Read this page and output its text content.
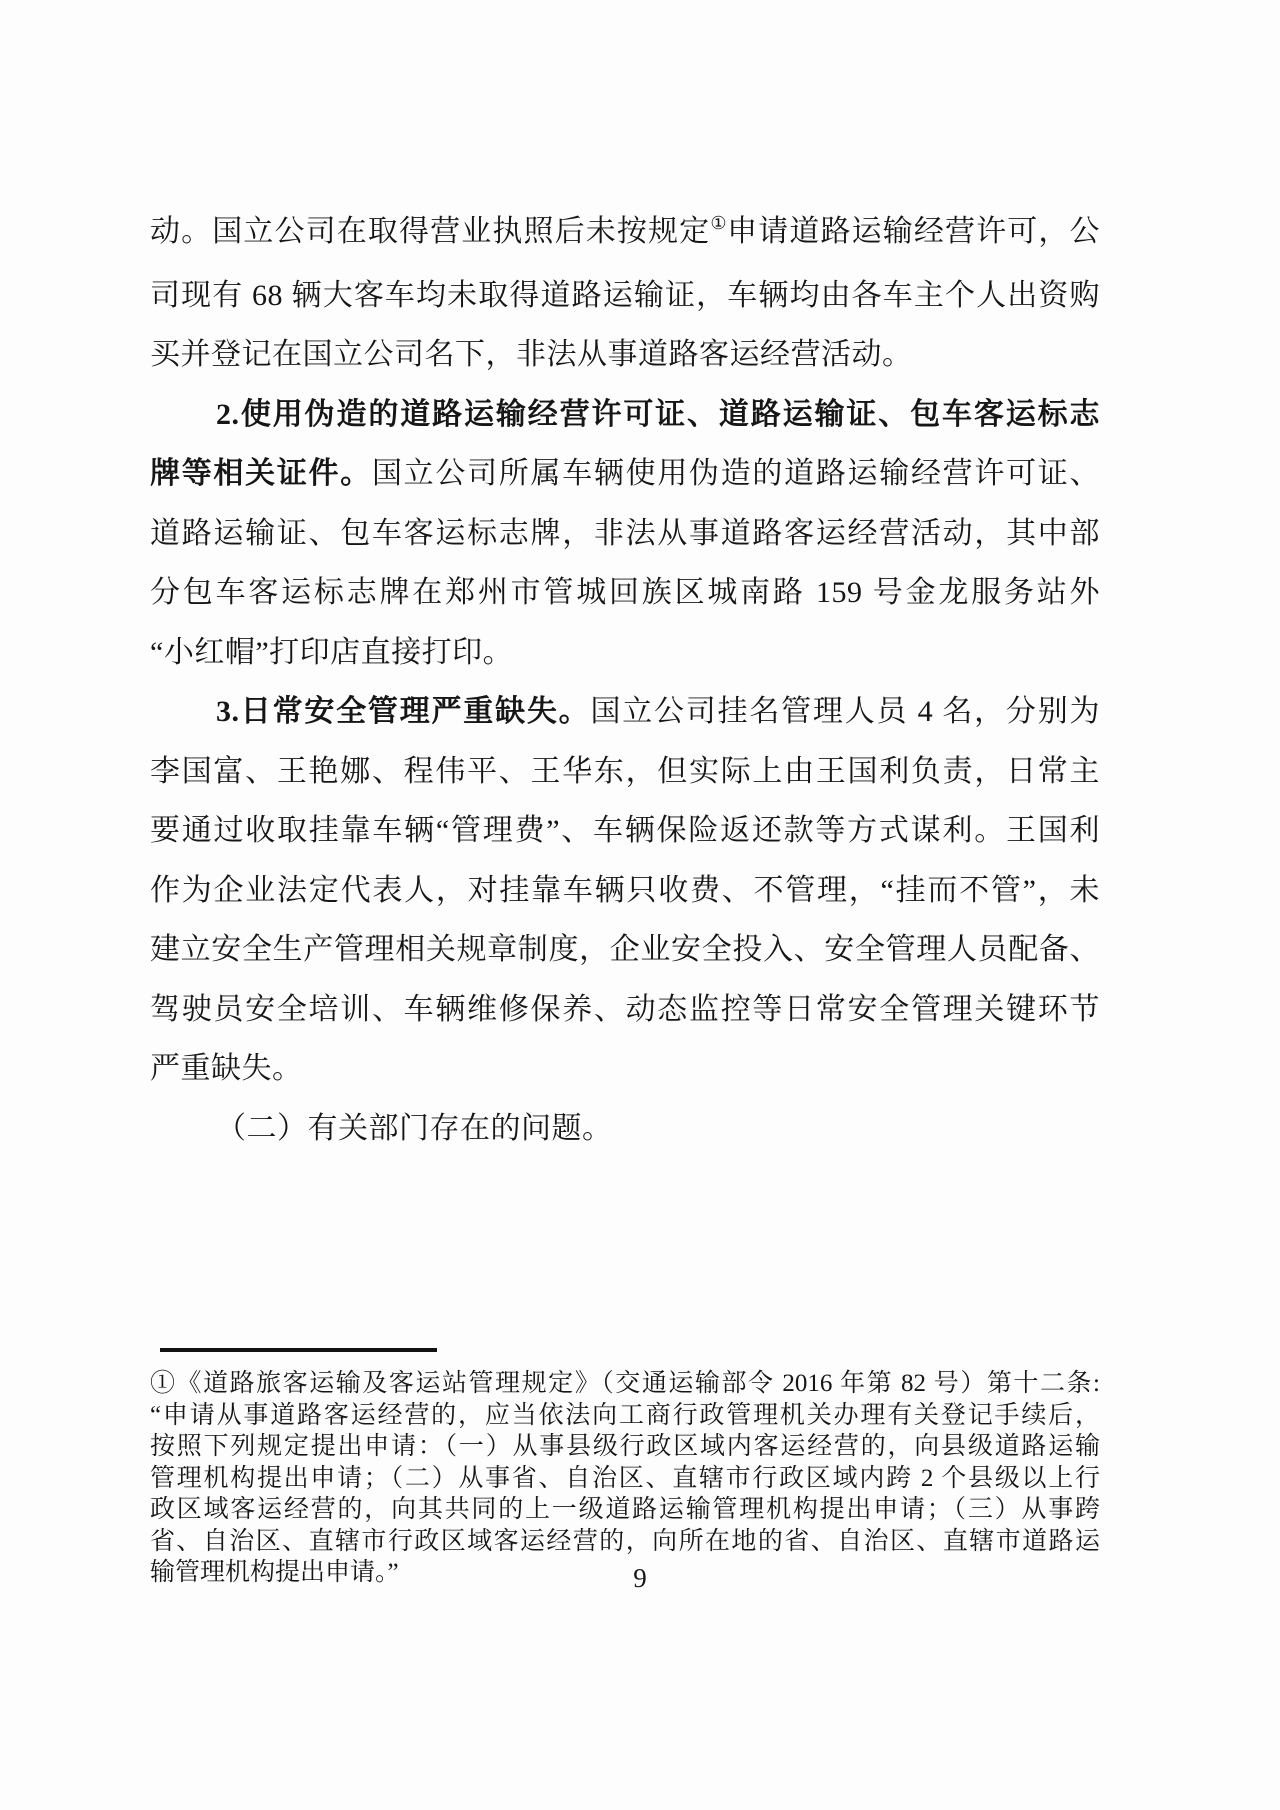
动。国立公司在取得营业执照后未按规定①申请道路运输经营许可，公
司现有 68 辆大客车均未取得道路运输证，车辆均由各车主个人出资购
买并登记在国立公司名下，非法从事道路客运经营活动。
2.使用伪造的道路运输经营许可证、道路运输证、包车客运标志
牌等相关证件。国立公司所属车辆使用伪造的道路运输经营许可证、
道路运输证、包车客运标志牌，非法从事道路客运经营活动，其中部
分包车客运标志牌在郑州市管城回族区城南路 159 号金龙服务站外
“小红帽”打印店直接打印。
3.日常安全管理严重缺失。国立公司挂名管理人员 4 名，分别为
李国富、王艳娜、程伟平、王华东，但实际上由王国利负责，日常主
要通过收取挂靠车辆“管理费”、车辆保险返还款等方式谋利。王国利
作为企业法定代表人，对挂靠车辆只收费、不管理，“挂而不管”，未
建立安全生产管理相关规章制度，企业安全投入、安全管理人员配备、
驾驶员安全培训、车辆维修保养、动态监控等日常安全管理关键环节
严重缺失。
（二）有关部门存在的问题。
①《道路旅客运输及客运站管理规定》（交通运输部令 2016 年第 82 号）第十二条:
“申请从事道路客运经营的，应当依法向工商行政管理机关办理有关登记手续后，
按照下列规定提出申请：（一）从事县级行政区域内客运经营的，向县级道路运输
管理机构提出申请；（二）从事省、自治区、直辖市行政区域内跨 2 个县级以上行
政区域客运经营的，向其共同的上一级道路运输管理机构提出申请；（三）从事跨
省、自治区、直辖市行政区域客运经营的，向所在地的省、自治区、直辖市道路运
输管理机构提出申请。”	9
